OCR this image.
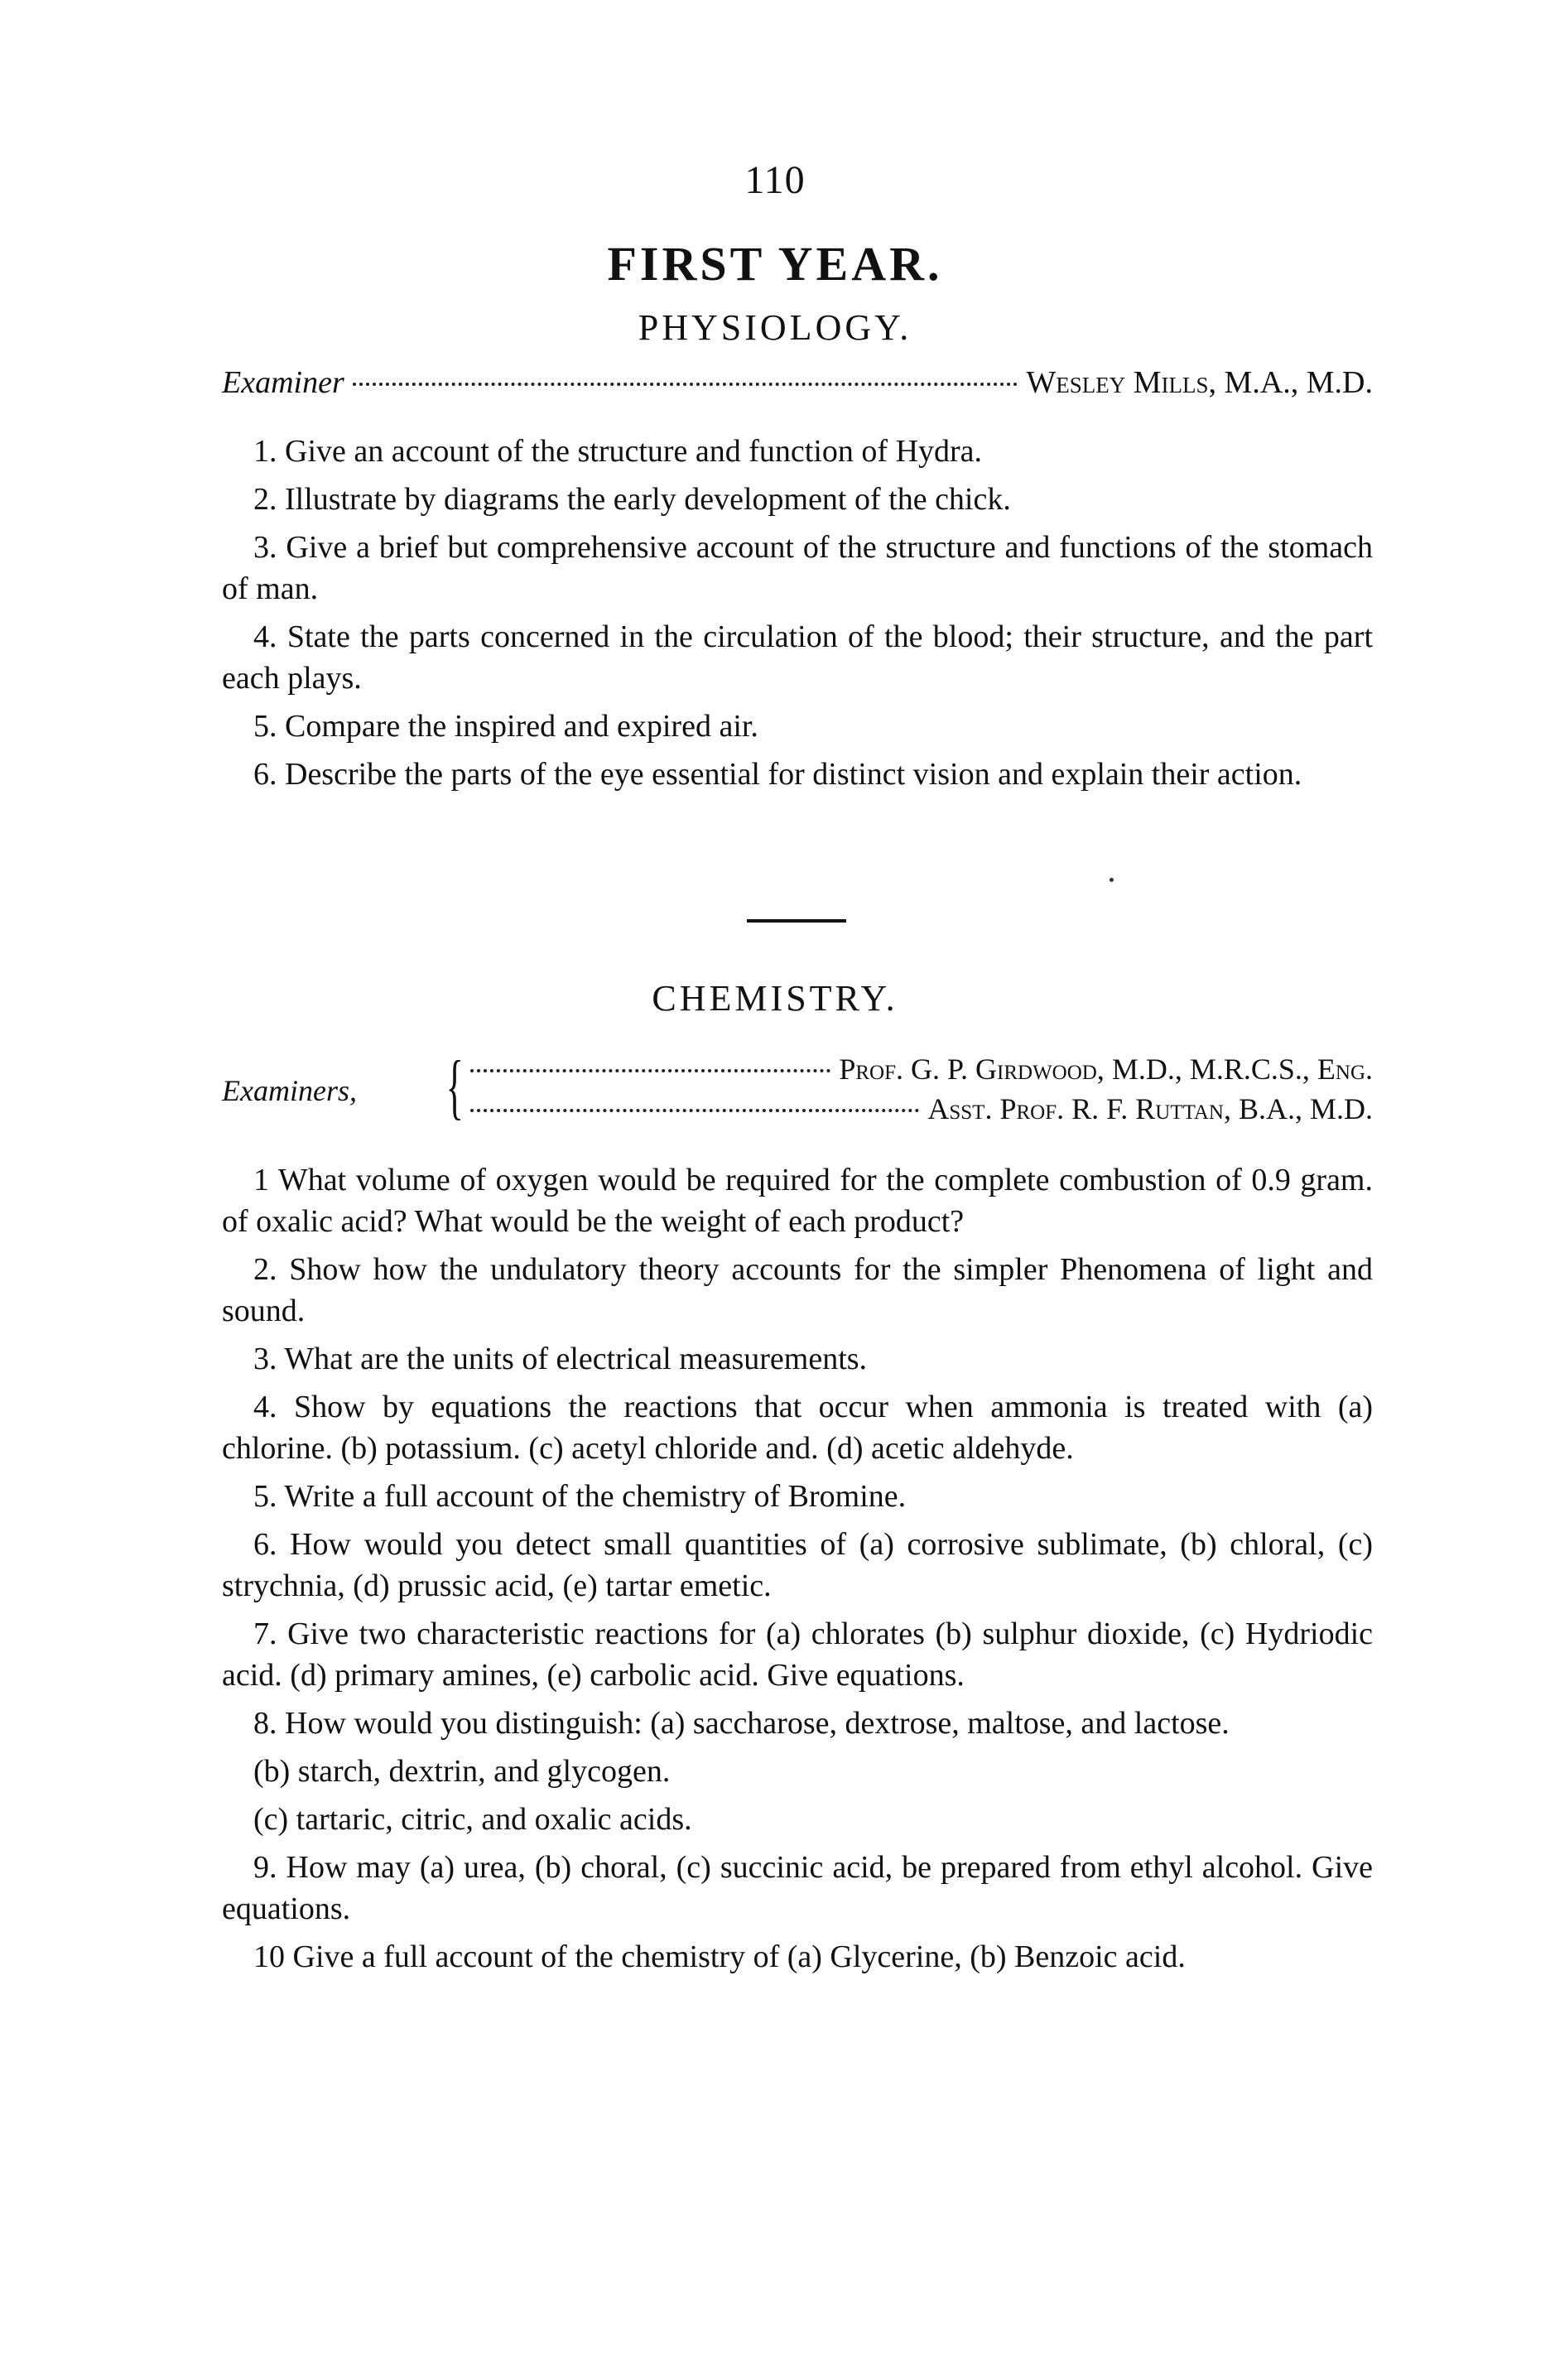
110
FIRST YEAR.
PHYSIOLOGY.
Examiner	Wesley Mills, M.A., M.D.

1. Give an account of the structure and function of Hydra.

2. Illustrate by diagrams the early development of the chick.

3. Give a brief but comprehensive account of the structure and functions of the stomach of man.

4. State the parts concerned in the circulation of the blood; their structure, and the part each plays.

5. Compare the inspired and expired air.

6. Describe the parts of the eye essential for distinct vision and explain their action.

CHEMISTRY.
Examiners, {	Prof. G. P. Girdwood, M.D., M.R.C.S., Eng.
Asst. Prof. R. F. Ruttan, B.A., M.D.

1 What volume of oxygen would be required for the complete combustion of 0.9 gram. of oxalic acid? What would be the weight of each product?

2. Show how the undulatory theory accounts for the simpler Phenomena of light and sound.

3. What are the units of electrical measurements.

4. Show by equations the reactions that occur when ammonia is treated with (a) chlorine. (b) potassium. (c) acetyl chloride and. (d) acetic aldehyde.

5. Write a full account of the chemistry of Bromine.

6. How would you detect small quantities of (a) corrosive sublimate, (b) chloral, (c) strychnia, (d) prussic acid, (e) tartar emetic.

7. Give two characteristic reactions for (a) chlorates (b) sulphur dioxide, (c) Hydriodic acid. (d) primary amines, (e) carbolic acid. Give equations.

8. How would you distinguish: (a) saccharose, dextrose, maltose, and lactose.

(b) starch, dextrin, and glycogen.

(c) tartaric, citric, and oxalic acids.

9. How may (a) urea, (b) choral, (c) succinic acid, be prepared from ethyl alcohol. Give equations.

10 Give a full account of the chemistry of (a) Glycerine, (b) Benzoic acid.
